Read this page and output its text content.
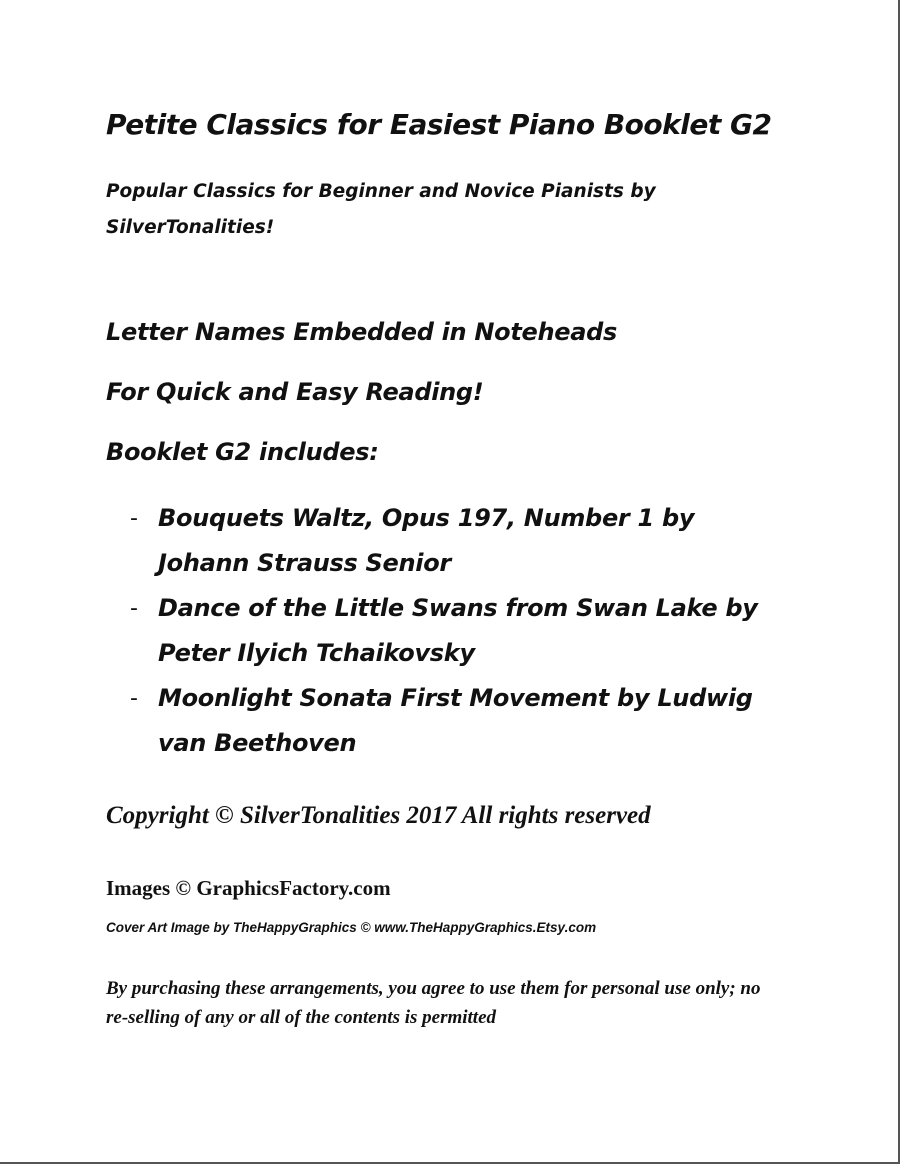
Petite Classics for Easiest Piano Booklet G2
Popular Classics for Beginner and Novice Pianists by SilverTonalities!
Letter Names Embedded in Noteheads
For Quick and Easy Reading!
Booklet G2 includes:
- Bouquets Waltz, Opus 197, Number 1 by Johann Strauss Senior
- Dance of the Little Swans from Swan Lake by Peter Ilyich Tchaikovsky
- Moonlight Sonata First Movement by Ludwig van Beethoven
Copyright © SilverTonalities 2017 All rights reserved
Images © GraphicsFactory.com
Cover Art Image by TheHappyGraphics © www.TheHappyGraphics.Etsy.com
By purchasing these arrangements, you agree to use them for personal use only; no re-selling of any or all of the contents is permitted
